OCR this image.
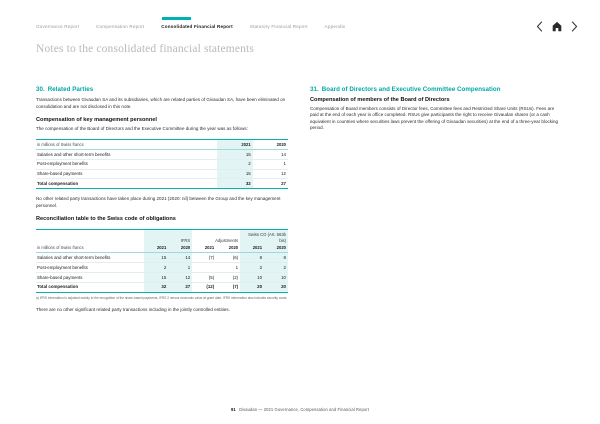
Governance Report	Compensation Report	Consolidated Financial Report	Statutory Financial Report	Appendix
Notes to the consolidated financial statements
30. Related Parties

Transactions between Givaudan SA and its subsidiaries, which are related parties of Givaudan SA, have been eliminated on consolidation and are not disclosed in this note.

Compensation of key management personnel

The compensation of the Board of Directors and the Executive Committee during the year was as follows:

in millions of Swiss francs	2021	2020
Salaries and other short-term benefits	15	14
Post-employment benefits	2	1
Share-based payments	15	12
Total compensation	32	27

No other related party transactions have taken place during 2021 (2020: nil) between the Group and the key management personnel.

Reconciliation table to the Swiss code of obligations
	IFRS		Adjustments		Swiss CO (Art. 663b bis)	
in millions of Swiss francs	2021	2020	2021	2020	2021	2020
Salaries and other short-term benefits	15	14	(7)	(6)	8	8
Post-employment benefits	2	1		1	2	2
Share-based payments	15	12	(5)	(2)	10	10
Total compensation	32	27	(12)	(7)	20	20

a) IFRS information is adjusted mainly to the recognition of the share-based payments, IFRS 2 versus economic value at grant date. IFRS information also includes security costs.

There are no other significant related party transactions including in the jointly controlled entities.

31. Board of Directors and Executive Committee Compensation
Compensation of members of the Board of Directors

Compensation of Board members consists of Director fees, Committee fees and Restricted Share Units (RSUs). Fees are paid at the end of each year in office completed. RSUs give participants the right to receive Givaudan shares (or a cash equivalent in countries where securities laws prevent the offering of Givaudan securities) at the end of a three-year blocking period.

91 Givaudan — 2021 Governance, Compensation and Financial Report
